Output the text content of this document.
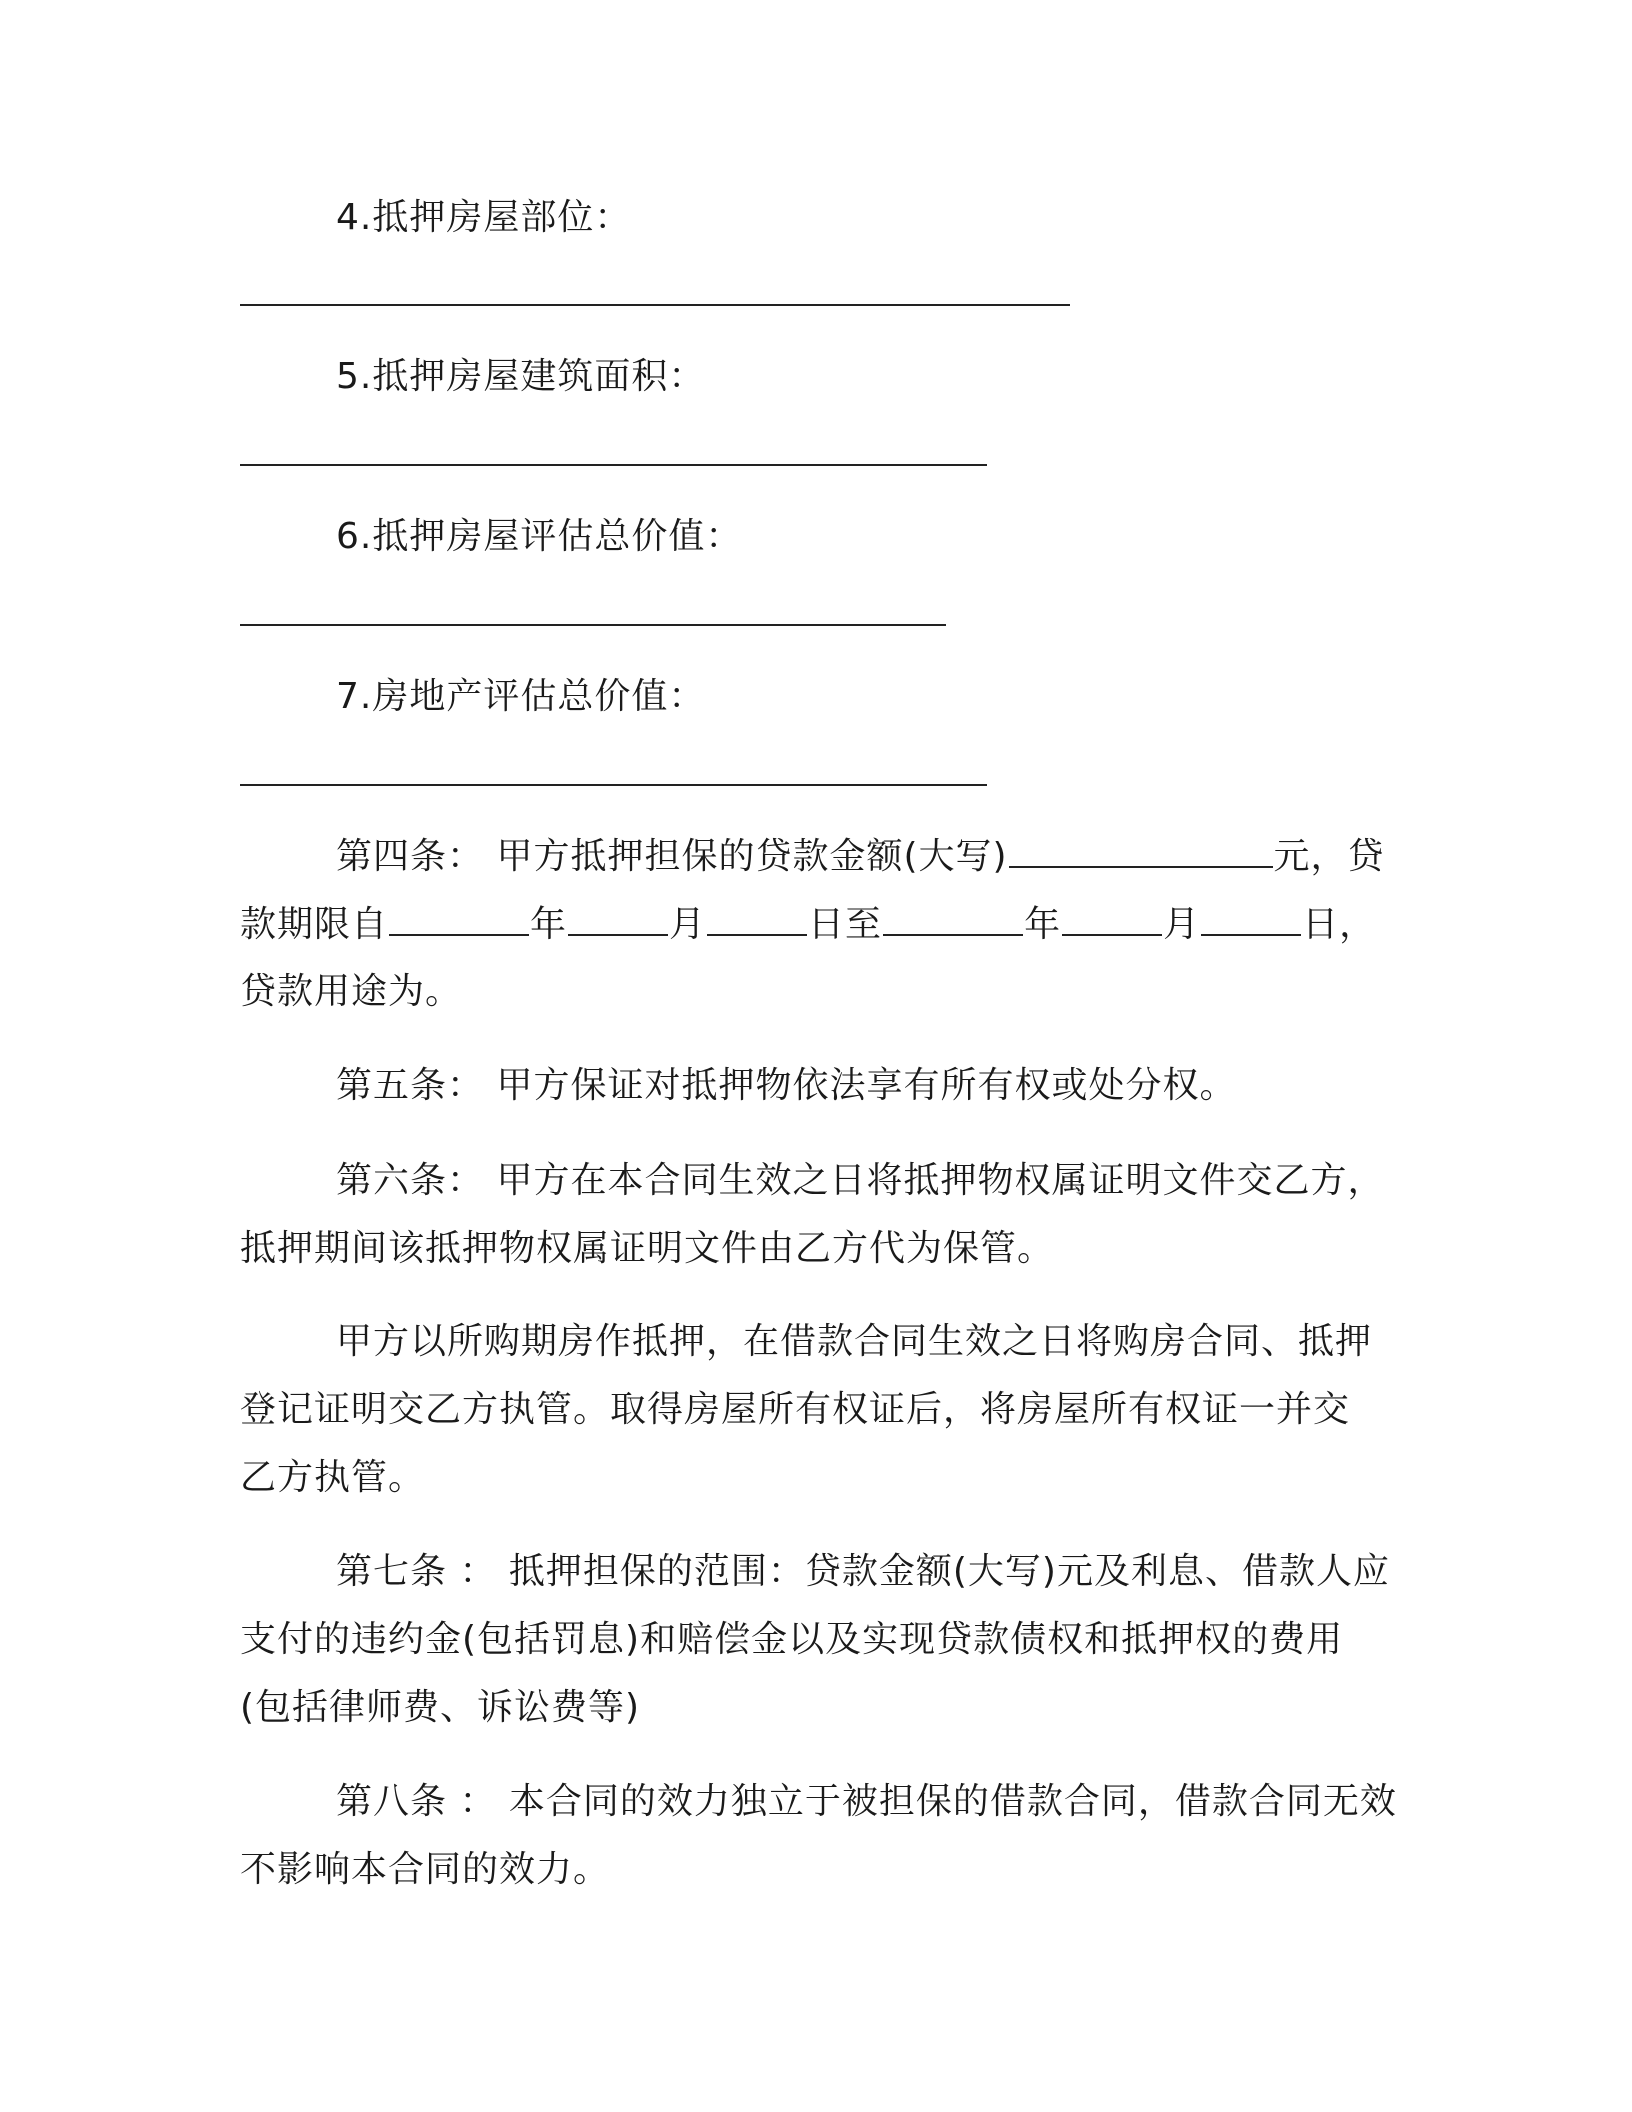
4.抵押房屋部位：
5.抵押房屋建筑面积：
6.抵押房屋评估总价值：
7.房地产评估总价值：
第四条： 甲方抵押担保的贷款金额(大写)	元，贷
款期限自	年	月	日至	年	月	日，
贷款用途为。
第五条： 甲方保证对抵押物依法享有所有权或处分权。
第六条： 甲方在本合同生效之日将抵押物权属证明文件交乙方，
抵押期间该抵押物权属证明文件由乙方代为保管。
甲方以所购期房作抵押，在借款合同生效之日将购房合同、抵押
登记证明交乙方执管。取得房屋所有权证后，将房屋所有权证一并交
乙方执管。
第七条 ： 抵押担保的范围：贷款金额(大写)元及利息、借款人应
支付的违约金(包括罚息)和赔偿金以及实现贷款债权和抵押权的费用
(包括律师费、诉讼费等)
第八条 ： 本合同的效力独立于被担保的借款合同，借款合同无效
不影响本合同的效力。
